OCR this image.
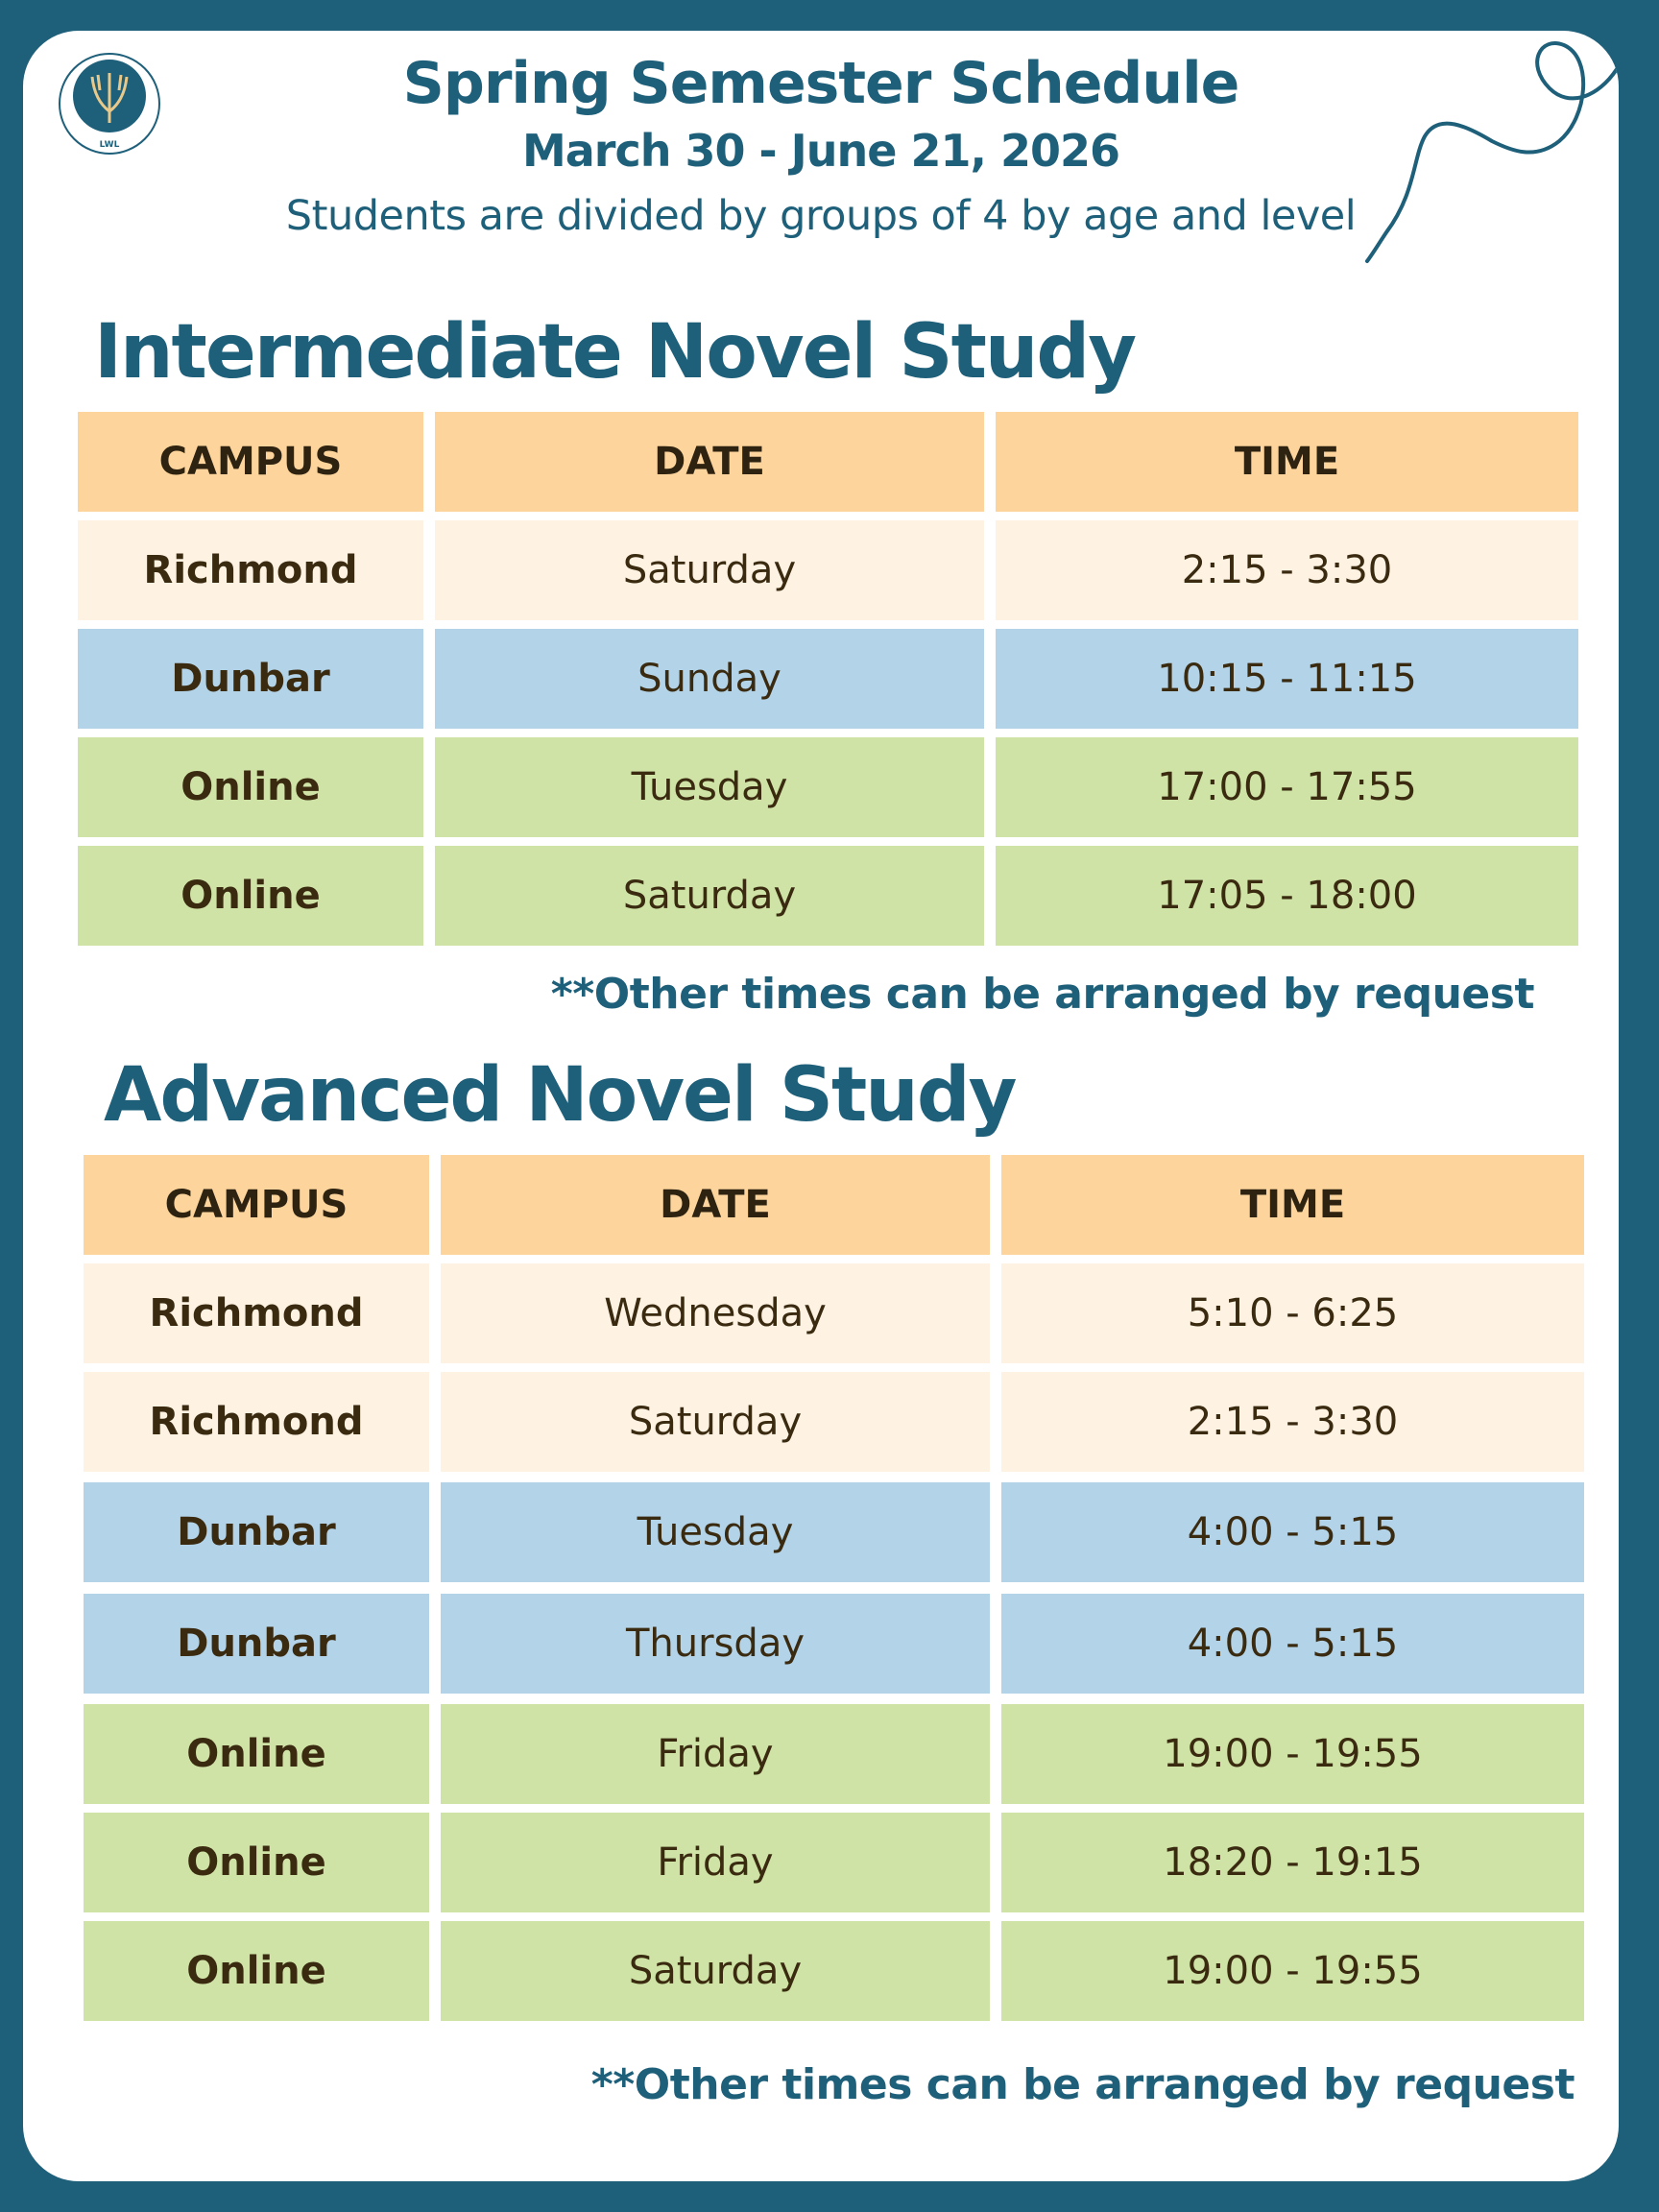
LWL
Spring Semester Schedule
March 30 - June 21, 2026

Students are divided by groups of 4 by age and level

Intermediate Novel Study
CAMPUS	DATE	TIME
Richmond	Saturday	2:15 - 3:30
Dunbar	Sunday	10:15 - 11:15
Online	Tuesday	17:00 - 17:55
Online	Saturday	17:05 - 18:00

**Other times can be arranged by request

Advanced Novel Study
CAMPUS	DATE	TIME
Richmond	Wednesday	5:10 - 6:25
Richmond	Saturday	2:15 - 3:30
Dunbar	Tuesday	4:00 - 5:15
Dunbar	Thursday	4:00 - 5:15
Online	Friday	19:00 - 19:55
Online	Friday	18:20 - 19:15
Online	Saturday	19:00 - 19:55

**Other times can be arranged by request
